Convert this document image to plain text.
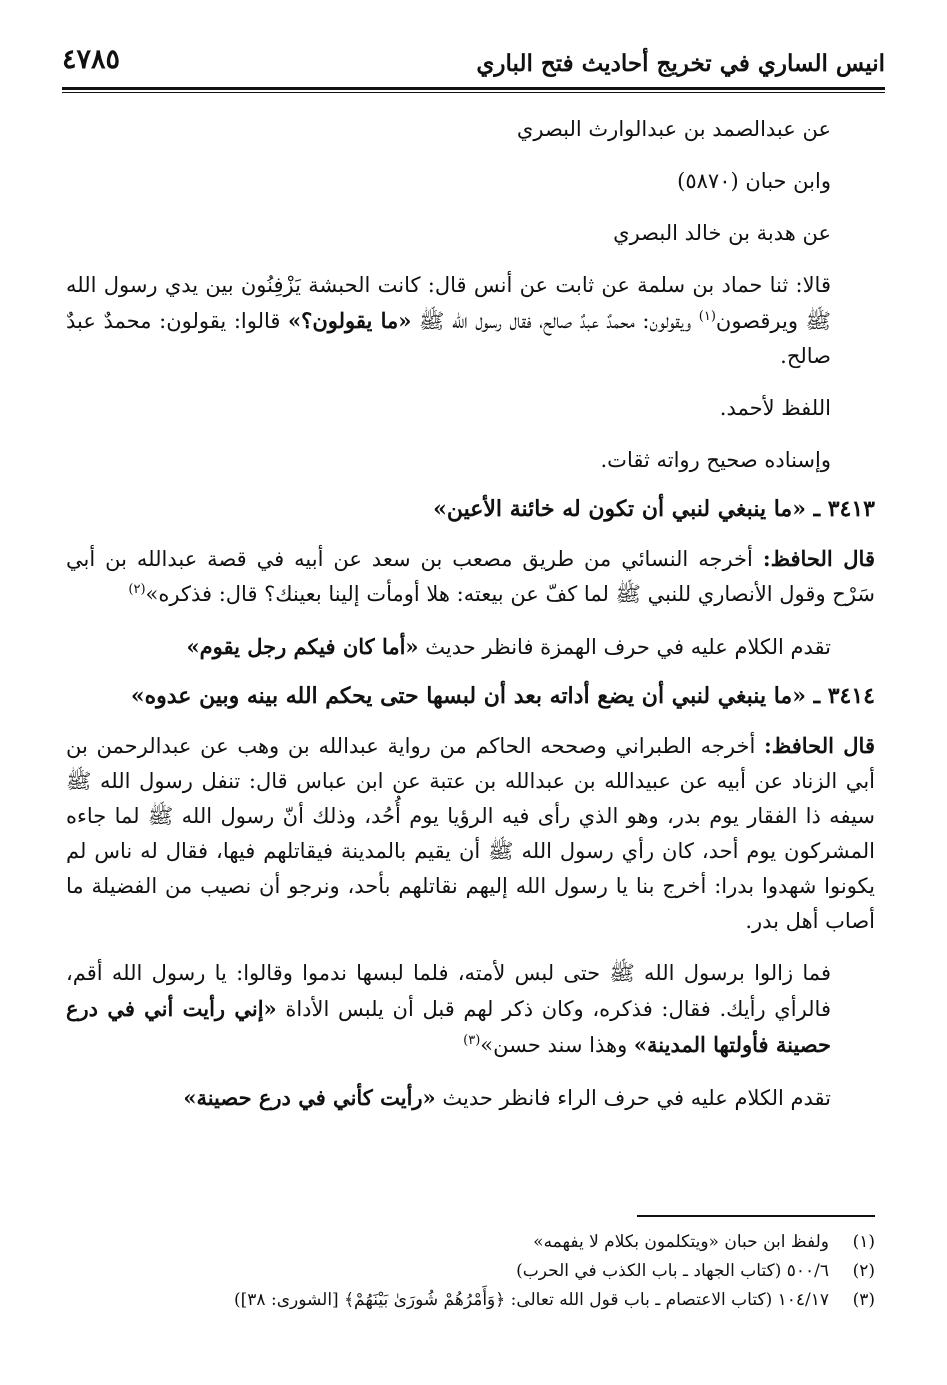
انيس الساري في تخريج أحاديث فتح الباري
٤٧٨٥

عن عبدالصمد بن عبدالوارث البصري

وابن حبان (٥٨٧٠)

عن هدبة بن خالد البصري

قالا: ثنا حماد بن سلمة عن ثابت عن أنس قال: كانت الحبشة يَزْفِنُون بين يدي رسول الله ﷺ ويرقصون$^{(١)}$ ويقولون: محمدٌ عبدٌ صالح، فقال رسول الله ﷺ «ما يقولون؟» قالوا: يقولون: محمدٌ عبدٌ صالح.

اللفظ لأحمد.

وإسناده صحيح رواته ثقات.

٣٤١٣ ـ «ما ينبغي لنبي أن تكون له خائنة الأعين»

قال الحافظ: أخرجه النسائي من طريق مصعب بن سعد عن أبيه في قصة عبدالله بن أبي سَرْح وقول الأنصاري للنبي ﷺ لما كفّ عن بيعته: هلا أومأت إلينا بعينك؟ قال: فذكره»$^{(٢)}$

تقدم الكلام عليه في حرف الهمزة فانظر حديث «أما كان فيكم رجل يقوم»

٣٤١٤ ـ «ما ينبغي لنبي أن يضع أداته بعد أن لبسها حتى يحكم الله بينه وبين عدوه»

قال الحافظ: أخرجه الطبراني وصححه الحاكم من رواية عبدالله بن وهب عن عبدالرحمن بن أبي الزناد عن أبيه عن عبيدالله بن عبدالله بن عتبة عن ابن عباس قال: تنفل رسول الله ﷺ سيفه ذا الفقار يوم بدر، وهو الذي رأى فيه الرؤيا يوم أُحُد، وذلك أنّ رسول الله ﷺ لما جاءه المشركون يوم أحد، كان رأي رسول الله ﷺ أن يقيم بالمدينة فيقاتلهم فيها، فقال له ناس لم يكونوا شهدوا بدرا: أخرج بنا يا رسول الله إليهم نقاتلهم بأحد، ونرجو أن نصيب من الفضيلة ما أصاب أهل بدر.

فما زالوا برسول الله ﷺ حتى لبس لأمته، فلما لبسها ندموا وقالوا: يا رسول الله أقم، فالرأي رأيك. فقال: فذكره، وكان ذكر لهم قبل أن يلبس الأداة «إني رأيت أني في درع حصينة فأولتها المدينة» وهذا سند حسن»$^{(٣)}$

تقدم الكلام عليه في حرف الراء فانظر حديث «رأيت كأني في درع حصينة»

(١)ولفظ ابن حبان «ويتكلمون بكلام لا يفهمه»

(٢)٥٠٠/٦ (كتاب الجهاد ـ باب الكذب في الحرب)

(٣)١٠٤/١٧ (كتاب الاعتصام ـ باب قول الله تعالى: ﴿وَأَمْرُهُمْ شُورَىٰ بَيْنَهُمْ﴾ [الشورى: ٣٨])
